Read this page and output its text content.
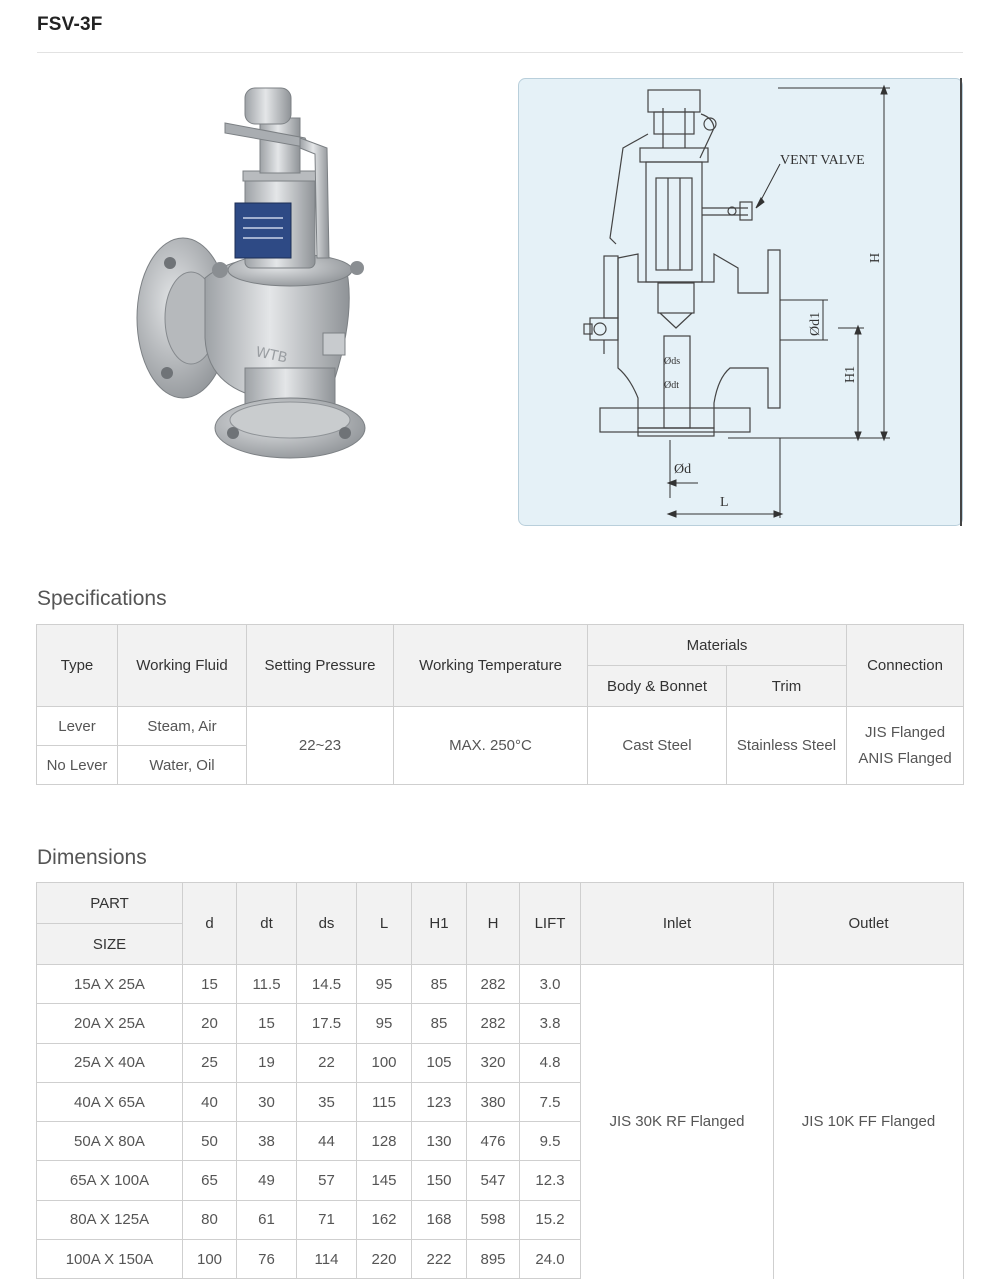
FSV-3F
WTB
VENT VALVE
H
H1
Ød1
Ød
L
Øds
Ødt
Specifications
Type	Working Fluid	Setting Pressure	Working Temperature	Materials		Connection
				Body & Bonnet	Trim	
Lever	Steam, Air	22~23	MAX. 250°C	Cast Steel	Stainless Steel	JIS Flanged
ANIS Flanged

No Lever	Water, Oil					
Dimensions
PART	d	dt	ds	L	H1	H	LIFT	Inlet	Outlet
SIZE									
15A X 25A	15	11.5	14.5	95	85	282	3.0	JIS 30K RF Flanged	JIS 10K FF Flanged
20A X 25A	20	15	17.5	95	85	282	3.8		
25A X 40A	25	19	22	100	105	320	4.8		
40A X 65A	40	30	35	115	123	380	7.5		
50A X 80A	50	38	44	128	130	476	9.5		
65A X 100A	65	49	57	145	150	547	12.3		
80A X 125A	80	61	71	162	168	598	15.2		
100A X 150A	100	76	114	220	222	895	24.0		
